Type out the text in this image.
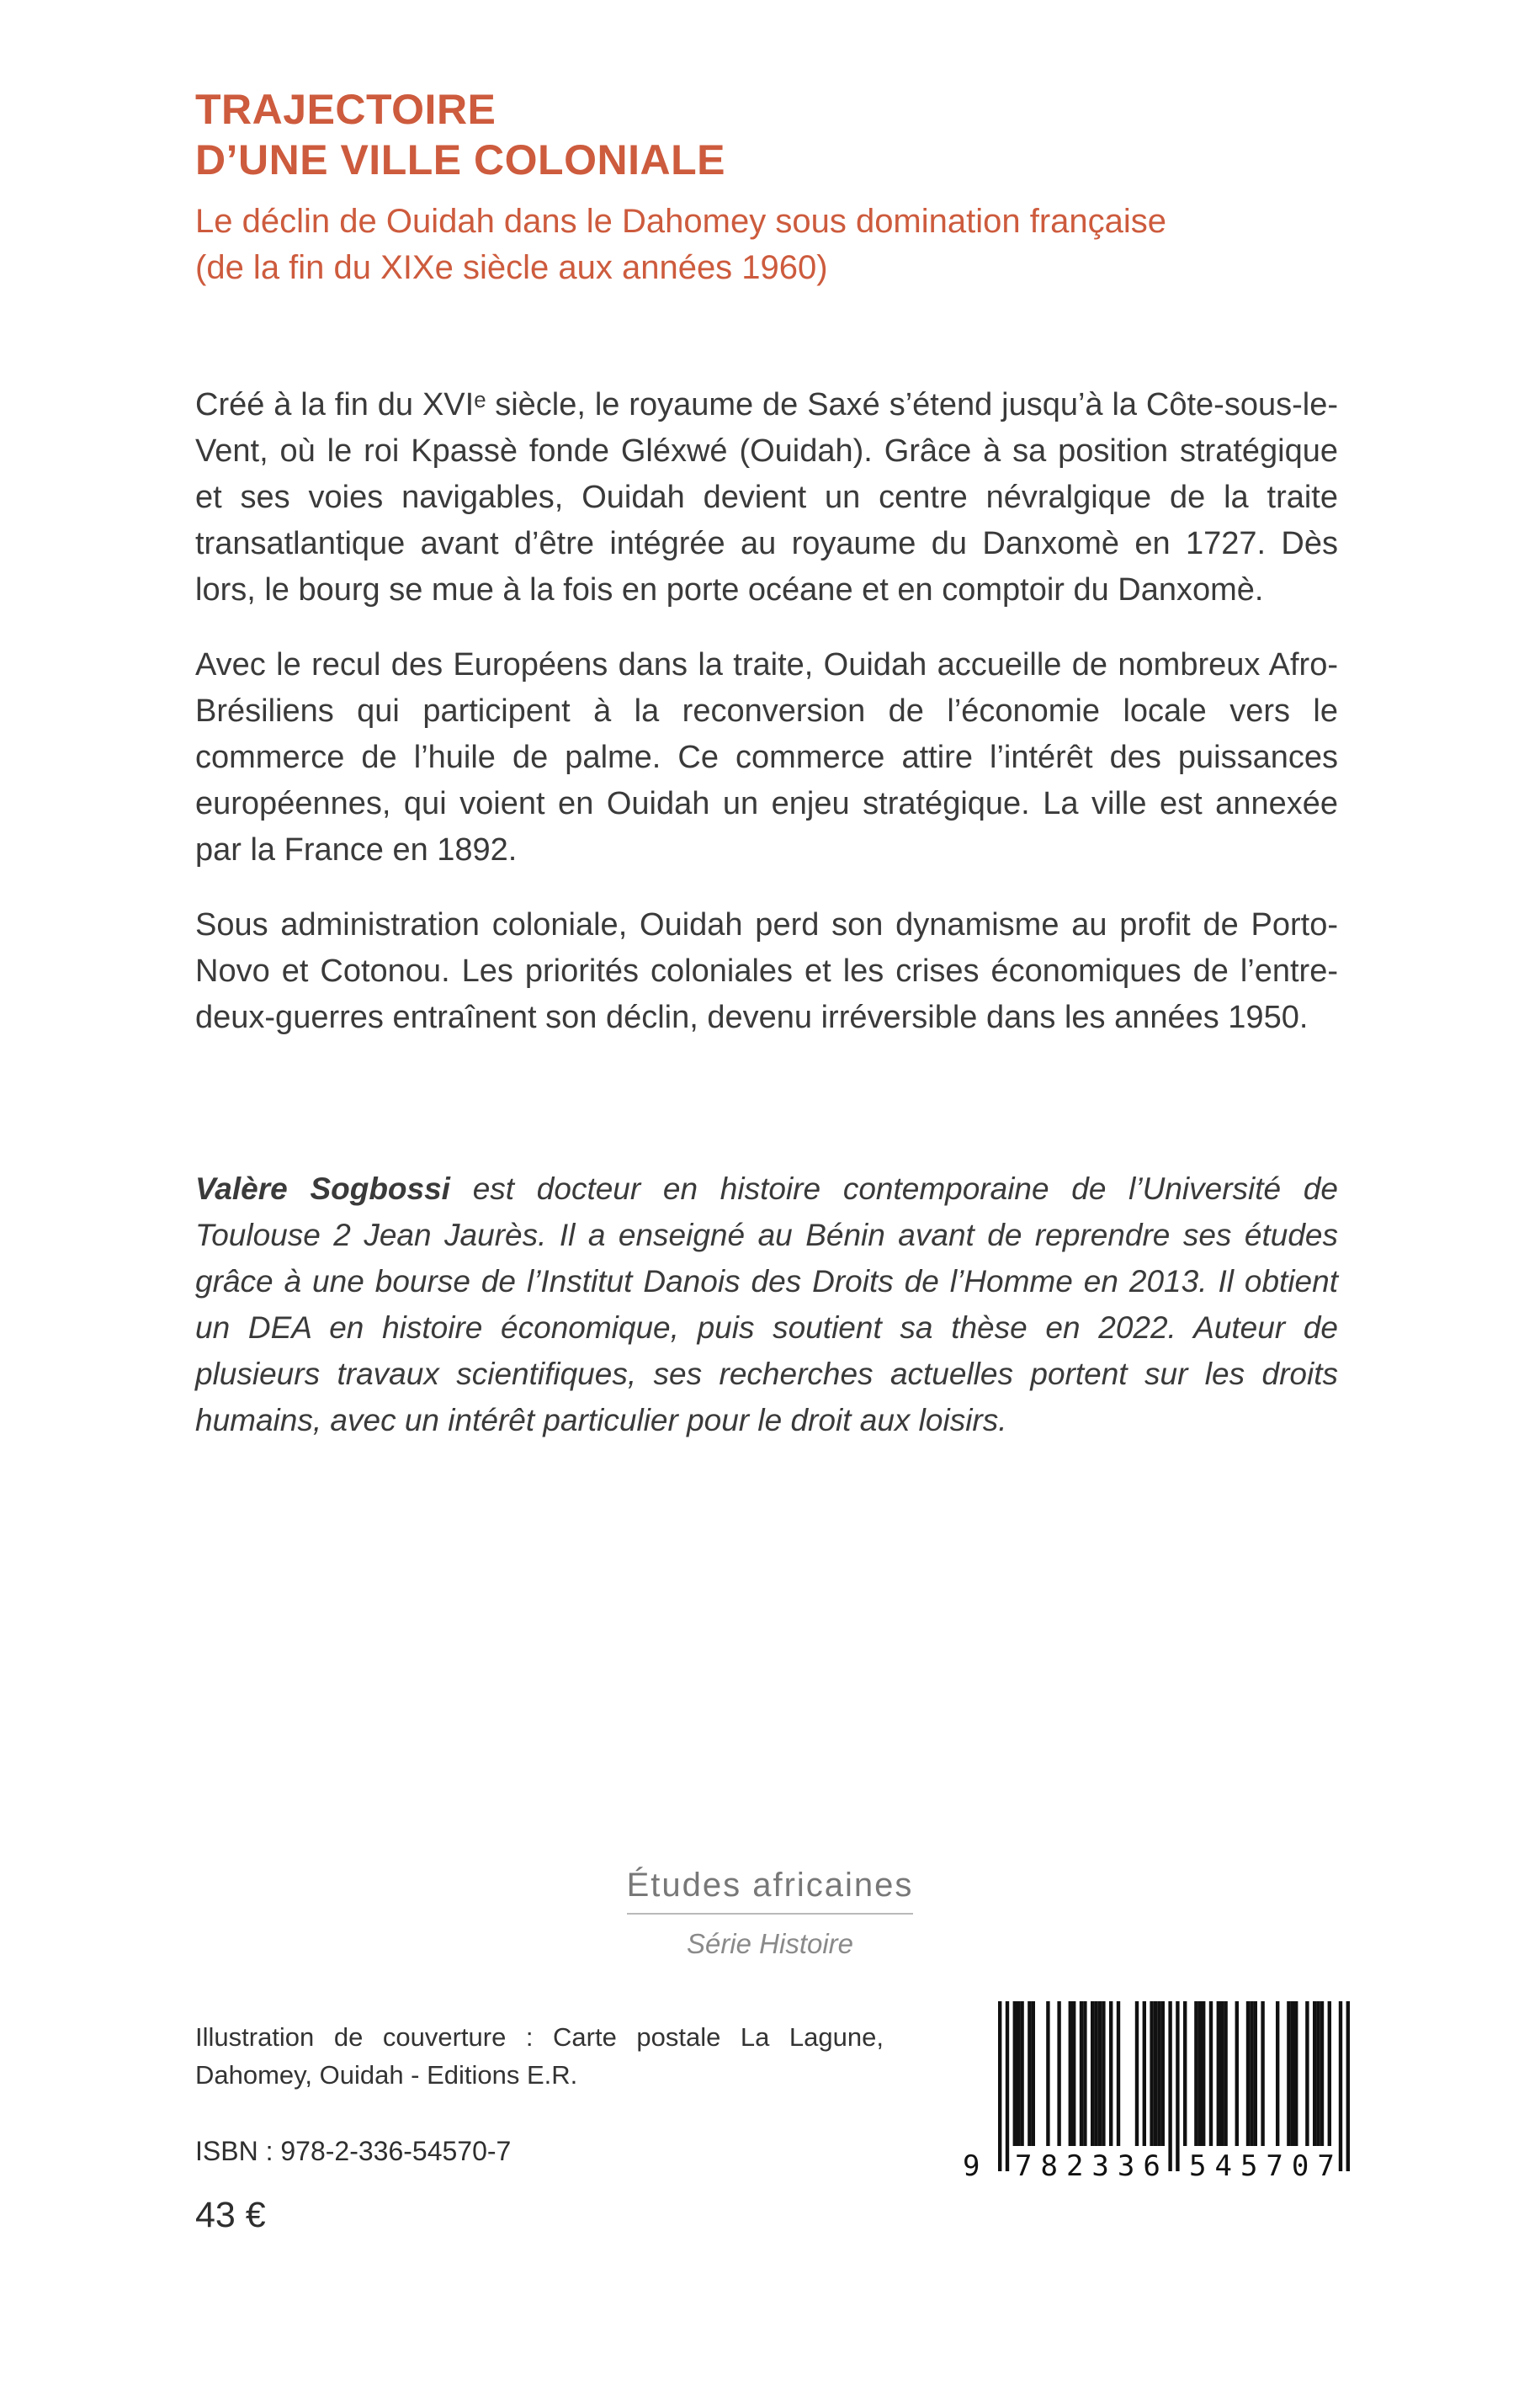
TRAJECTOIRE
D’UNE VILLE COLONIALE
Le déclin de Ouidah dans le Dahomey sous domination française
(de la fin du XIXe siècle aux années 1960)

Créé à la fin du XVIᵉ siècle, le royaume de Saxé s’étend jusqu’à la Côte-sous-le-Vent, où le roi Kpassè fonde Gléxwé (Ouidah). Grâce à sa position stratégique et ses voies navigables, Ouidah devient un centre névralgique de la traite transatlantique avant d’être intégrée au royaume du Danxomè en 1727. Dès lors, le bourg se mue à la fois en porte océane et en comptoir du Danxomè.

Avec le recul des Européens dans la traite, Ouidah accueille de nombreux Afro-Brésiliens qui participent à la reconversion de l’économie locale vers le commerce de l’huile de palme. Ce commerce attire l’intérêt des puissances européennes, qui voient en Ouidah un enjeu stratégique. La ville est annexée par la France en 1892.

Sous administration coloniale, Ouidah perd son dynamisme au profit de Porto-Novo et Cotonou. Les priorités coloniales et les crises économiques de l’entre-deux-guerres entraînent son déclin, devenu irréversible dans les années 1950.

Valère Sogbossi est docteur en histoire contemporaine de l’Université de Toulouse 2 Jean Jaurès. Il a enseigné au Bénin avant de reprendre ses études grâce à une bourse de l’Institut Danois des Droits de l’Homme en 2013. Il obtient un DEA en histoire économique, puis soutient sa thèse en 2022. Auteur de plusieurs travaux scientifiques, ses recherches actuelles portent sur les droits humains, avec un intérêt particulier pour le droit aux loisirs.

Études africaines
Série Histoire
Illustration de couverture : Carte postale La Lagune,
Dahomey, Ouidah - Editions E.R.
ISBN : 978-2-336-54570-7
43 €
9 782336 545707
